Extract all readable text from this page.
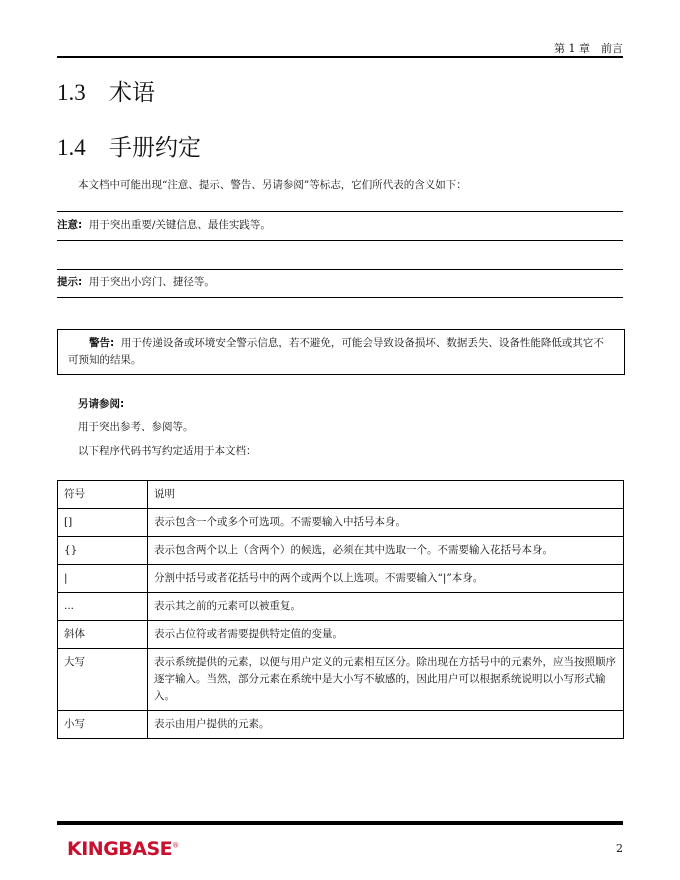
第 1 章　前言
1.3 术语
1.4 手册约定
本文档中可能出现“注意、提示、警告、另请参阅”等标志，它们所代表的含义如下：
注意: 用于突出重要/关键信息、最佳实践等。
提示: 用于突出小窍门、捷径等。
警告: 用于传递设备或环境安全警示信息，若不避免，可能会导致设备损坏、数据丢失、设备性能降低或其它不可预知的结果。
另请参阅:
用于突出参考、参阅等。
以下程序代码书写约定适用于本文档：
符号	说明
[]	表示包含一个或多个可选项。不需要输入中括号本身。
{}	表示包含两个以上（含两个）的候选，必须在其中选取一个。不需要输入花括号本身。
|	分割中括号或者花括号中的两个或两个以上选项。不需要输入“|”本身。
...	表示其之前的元素可以被重复。
斜体	表示占位符或者需要提供特定值的变量。
大写	表示系统提供的元素，以便与用户定义的元素相互区分。除出现在方括号中的元素外，应当按照顺序逐字输入。当然，部分元素在系统中是大小写不敏感的，因此用户可以根据系统说明以小写形式输入。
小写	表示由用户提供的元素。
KINGBASE®	2
